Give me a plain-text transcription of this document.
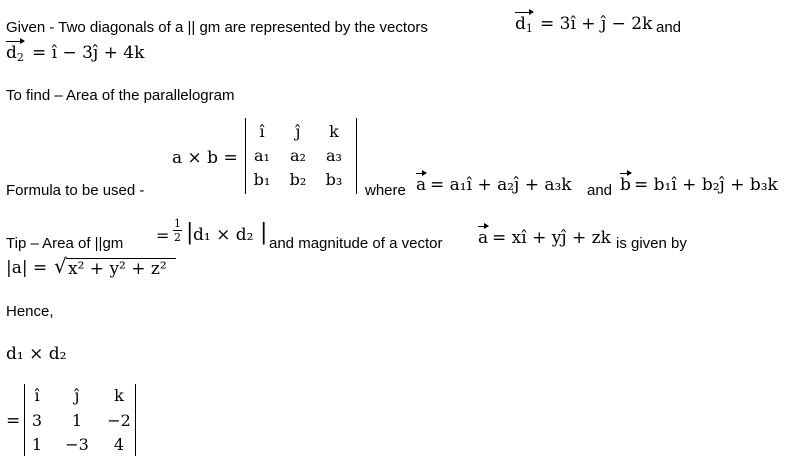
Given - Two diagonals of a || gm are represented by the vectors	$d_1$ = 3î + ĵ − 2k and
$d_2$ = î − 3ĵ + 4k
To find – Area of the parallelogram
a × b =
î	ĵ	k
a₁	a₂	a₃
b₁ b₂ b₃
Formula to be used -	where a = a₁î + a₂ĵ + a₃k and b = b₁î + b₂ĵ + b₃k
Tip – Area of ||gm =
1
2 | d₁ × d₂ | and magnitude of a vector a = xî + yĵ + zk is given by
|a| = √ x² + y² + z²
Hence,
d₁ × d₂
=
î	ĵ	k
3	1	−2
1	−3	4
